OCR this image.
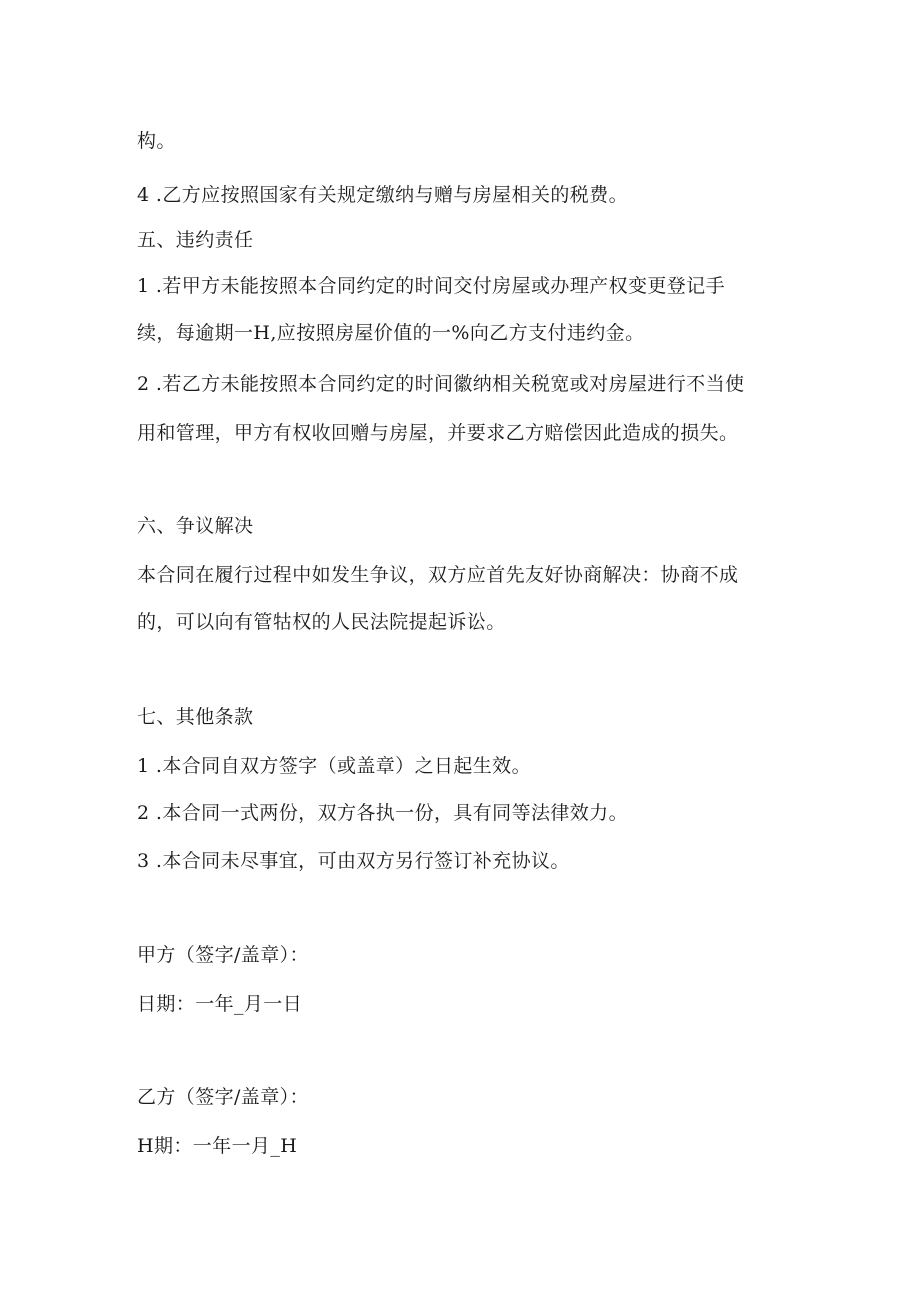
构。

4 .乙方应按照国家有关规定缴纳与赠与房屋相关的税费。

五、违约责任

1 .若甲方未能按照本合同约定的时间交付房屋或办理产权变更登记手

续，每逾期一H,应按照房屋价值的一%向乙方支付违约金。

2 .若乙方未能按照本合同约定的时间徽纳相关税宽或对房屋进行不当使

用和管理，甲方有权收回赠与房屋，并要求乙方赔偿因此造成的损失。

六、争议解决

本合同在履行过程中如发生争议，双方应首先友好协商解决：协商不成

的，可以向有管牯权的人民法院提起诉讼。

七、其他条款

1 .本合同自双方签字（或盖章）之日起生效。

2 .本合同一式两份，双方各执一份，具有同等法律效力。

3 .本合同未尽事宜，可由双方另行签订补充协议。

甲方（签字/盖章）：

日期：一年_月一日

乙方（签字/盖章）：

H期：一年一月_H
